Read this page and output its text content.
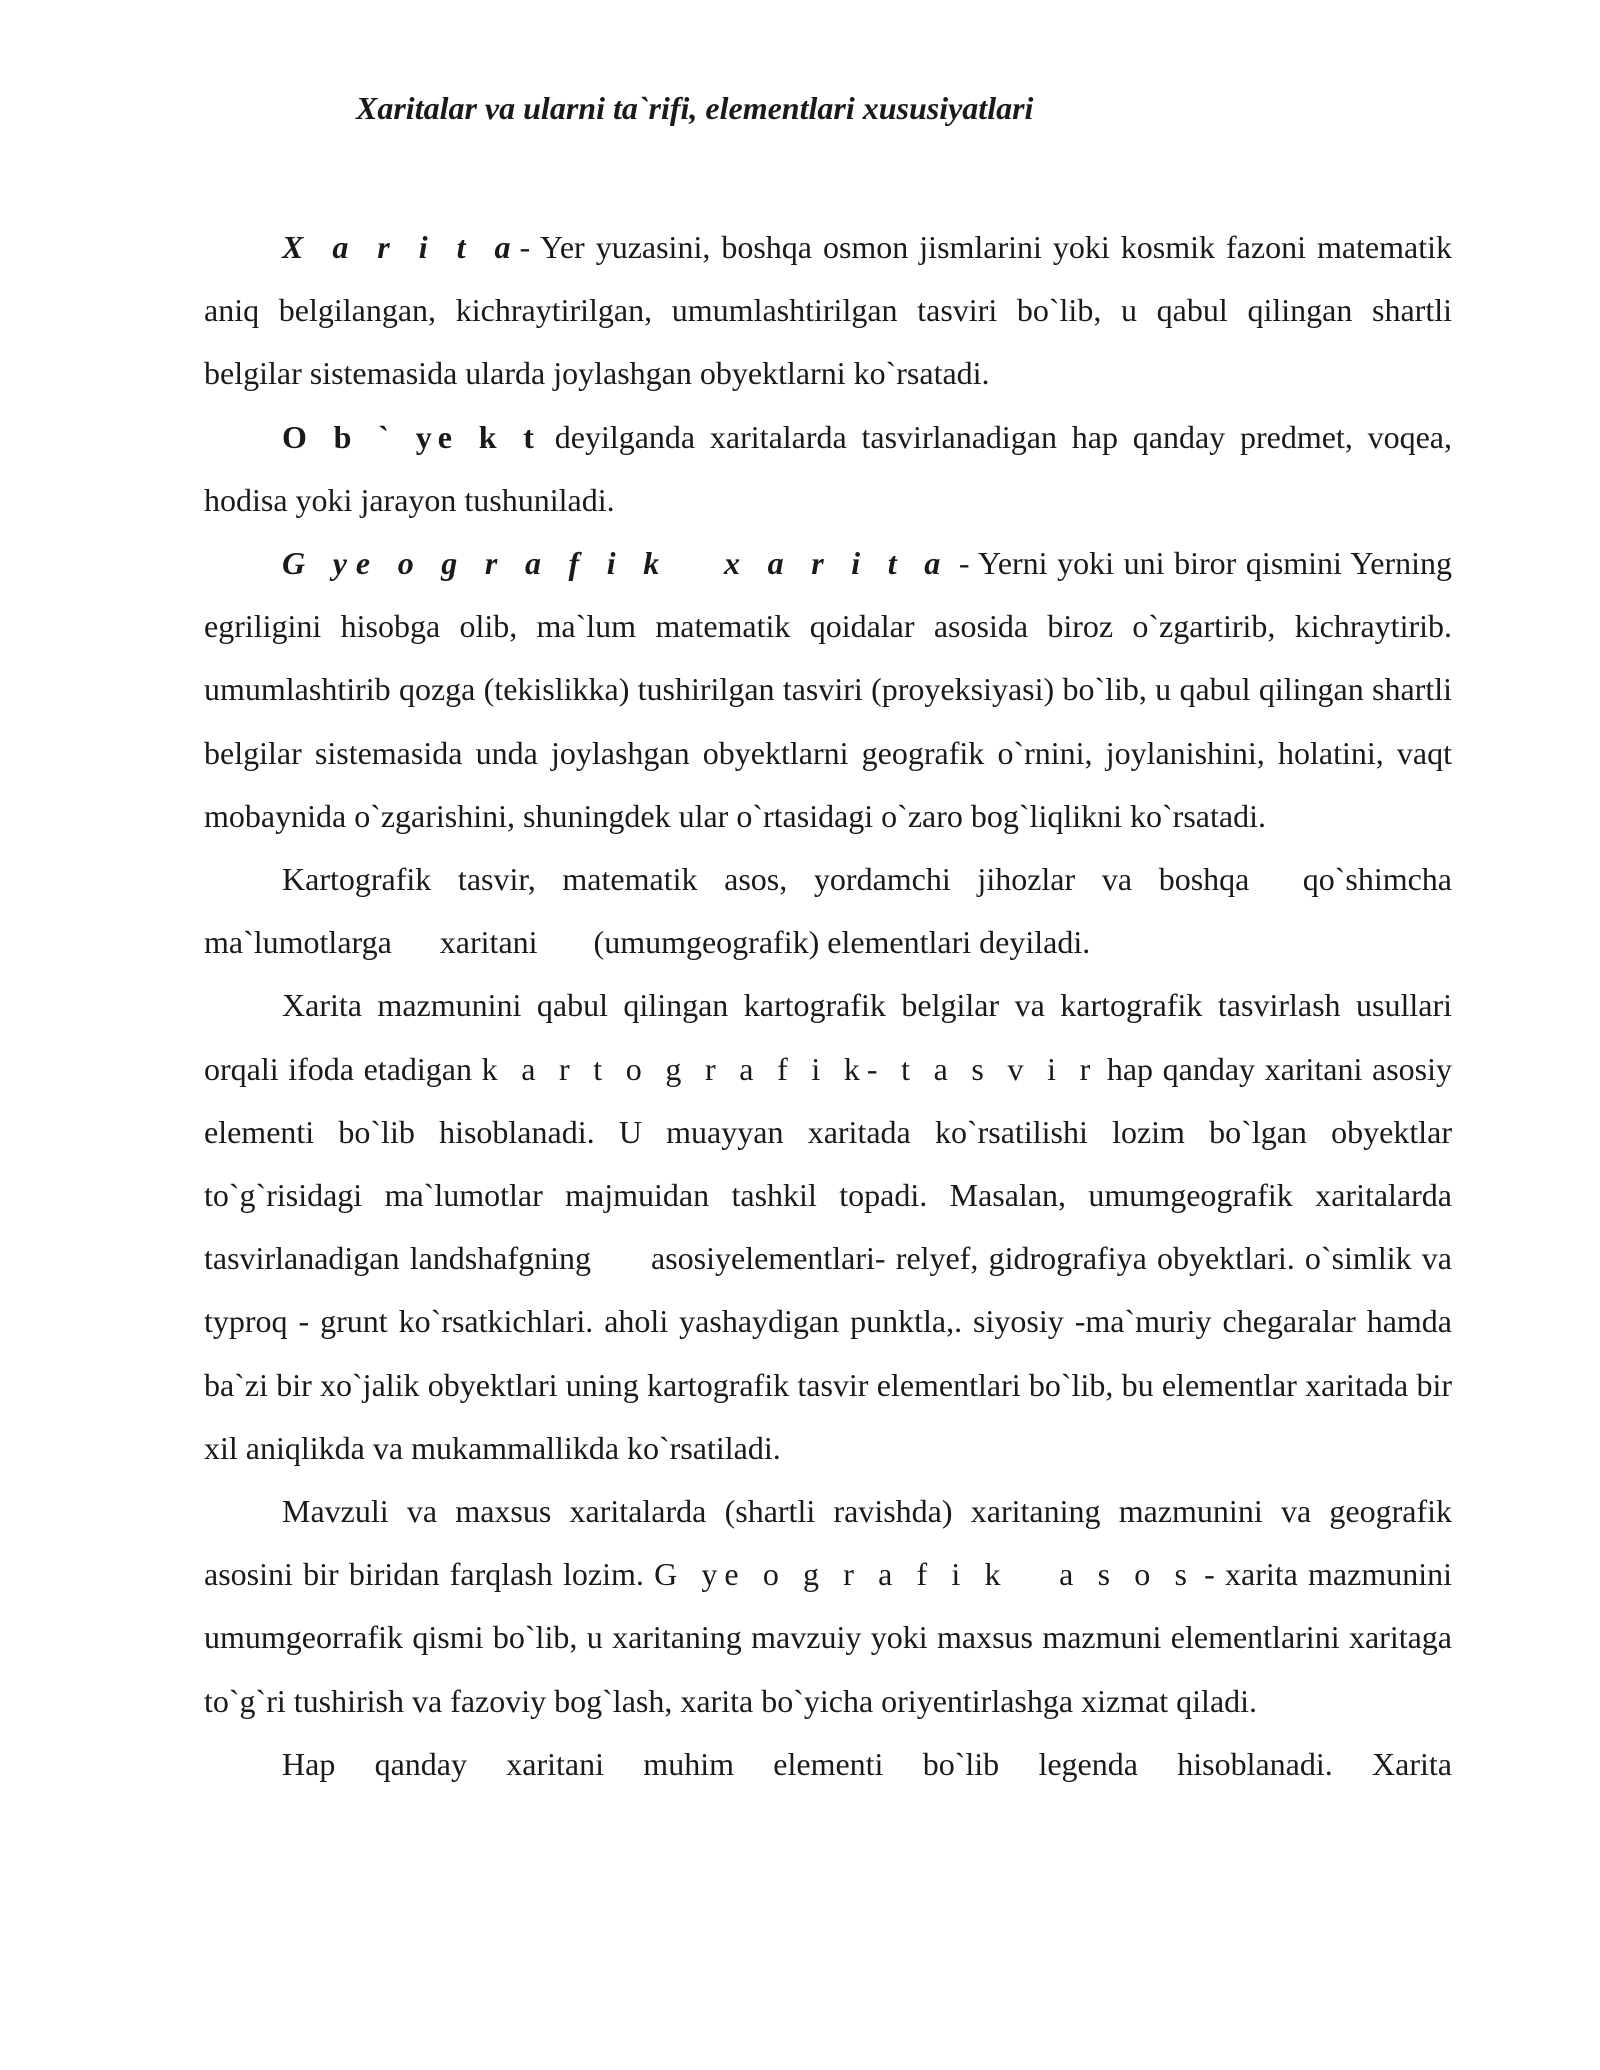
Xaritalar va ularni ta`rifi, elementlari xususiyatlari

X a r i t a- Yer yuzasini, boshqa osmon jismlarini yoki kosmik fazoni matematik aniq belgilangan, kichraytirilgan, umumlashtirilgan tasviri bo`lib, u qabul qilingan shartli belgilar sistemasida ularda joylashgan obyektlarni ko`rsatadi.

O b ` ye k t deyilganda xaritalarda tasvirlanadigan hap qanday predmet, voqea, hodisa yoki jarayon tushuniladi.

G ye o g r a f i k   x a r i t a - Yerni yoki uni biror qismini Yerning egriligini hisobga olib, ma`lum matematik qoidalar asosida biroz o`zgartirib, kichraytirib. umumlashtirib qozga (tekislikka) tushirilgan tasviri (proyeksiyasi) bo`lib, u qabul qilingan shartli belgilar sistemasida unda joylashgan obyektlarni geografik o`rnini, joylanishini, holatini, vaqt mobaynida o`zgarishini, shuningdek ular o`rtasidagi o`zaro bog`liqlikni ko`rsatadi.

Kartografik tasvir, matematik asos, yordamchi jihozlar va boshqa  qo`shimcha  ma`lumotlarga      xaritani       (umumgeografik) elementlari deyiladi.

Xarita mazmunini qabul qilingan kartografik belgilar va kartografik tasvirlash usullari orqali ifoda etadigan k a r t o g r a f i k- t a s v i r hap qanday xaritani asosiy elementi bo`lib hisoblanadi. U muayyan xaritada ko`rsatilishi lozim bo`lgan obyektlar to`g`risidagi ma`lumotlar majmuidan tashkil topadi. Masalan, umumgeografik xaritalarda tasvirlanadigan landshafgning asosiyelementlari- relyef, gidrografiya obyektlari. o`simlik va typroq - grunt ko`rsatkichlari. aholi yashaydigan punktla,. siyosiy -ma`muriy chegaralar hamda ba`zi bir xo`jalik obyektlari uning kartografik tasvir elementlari bo`lib, bu elementlar xaritada bir xil aniqlikda va mukammallikda ko`rsatiladi.

Mavzuli va maxsus xaritalarda (shartli ravishda) xaritaning mazmunini va geografik asosini bir biridan farqlash lozim. G ye o g r a f i k   a s o s - xarita mazmunini umumgeorrafik qismi bo`lib, u xaritaning mavzuiy yoki maxsus mazmuni elementlarini xaritaga to`g`ri tushirish va fazoviy bog`lash, xarita bo`yicha oriyentirlashga xizmat qiladi.

Hap qanday xaritani muhim elementi bo`lib legenda hisoblanadi. Xarita
